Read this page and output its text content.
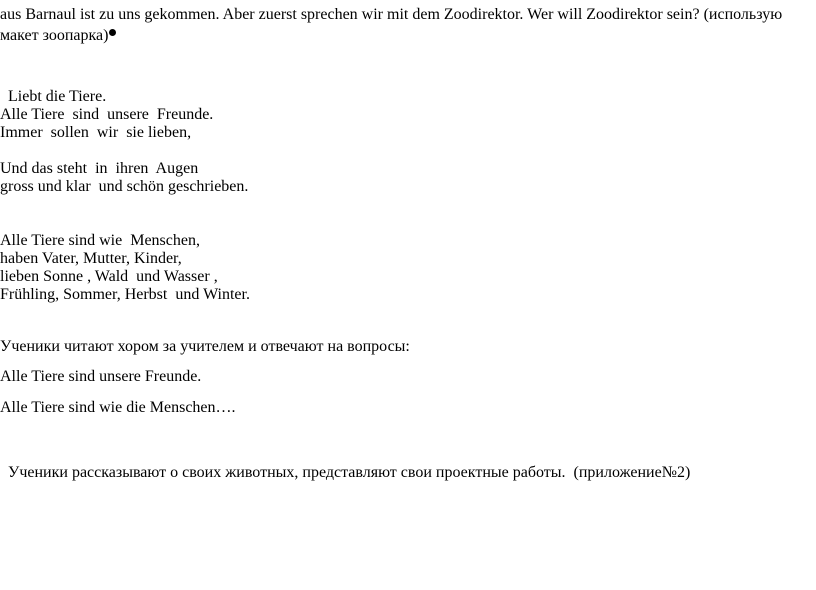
aus Barnaul ist zu uns gekommen. Aber zuerst sprechen wir mit dem Zoodirektor. Wer will Zoodirektor sein? (использую

макет зоопарка)

Liebt die Tiere.

Alle Tiere  sind  unsere  Freunde.

Immer  sollen  wir  sie lieben,

Und das steht  in  ihren  Augen

gross und klar  und schön geschrieben.

Alle Tiere sind wie  Menschen,

haben Vater, Mutter, Kinder,

lieben Sonne , Wald  und Wasser ,

Frühling, Sommer, Herbst  und Winter.

Ученики читают хором за учителем и отвечают на вопросы:

Alle Tiere sind unsere Freunde.

Alle Tiere sind wie die Menschen….

Ученики рассказывают о своих животных, представляют свои проектные работы.  (приложение№2)
